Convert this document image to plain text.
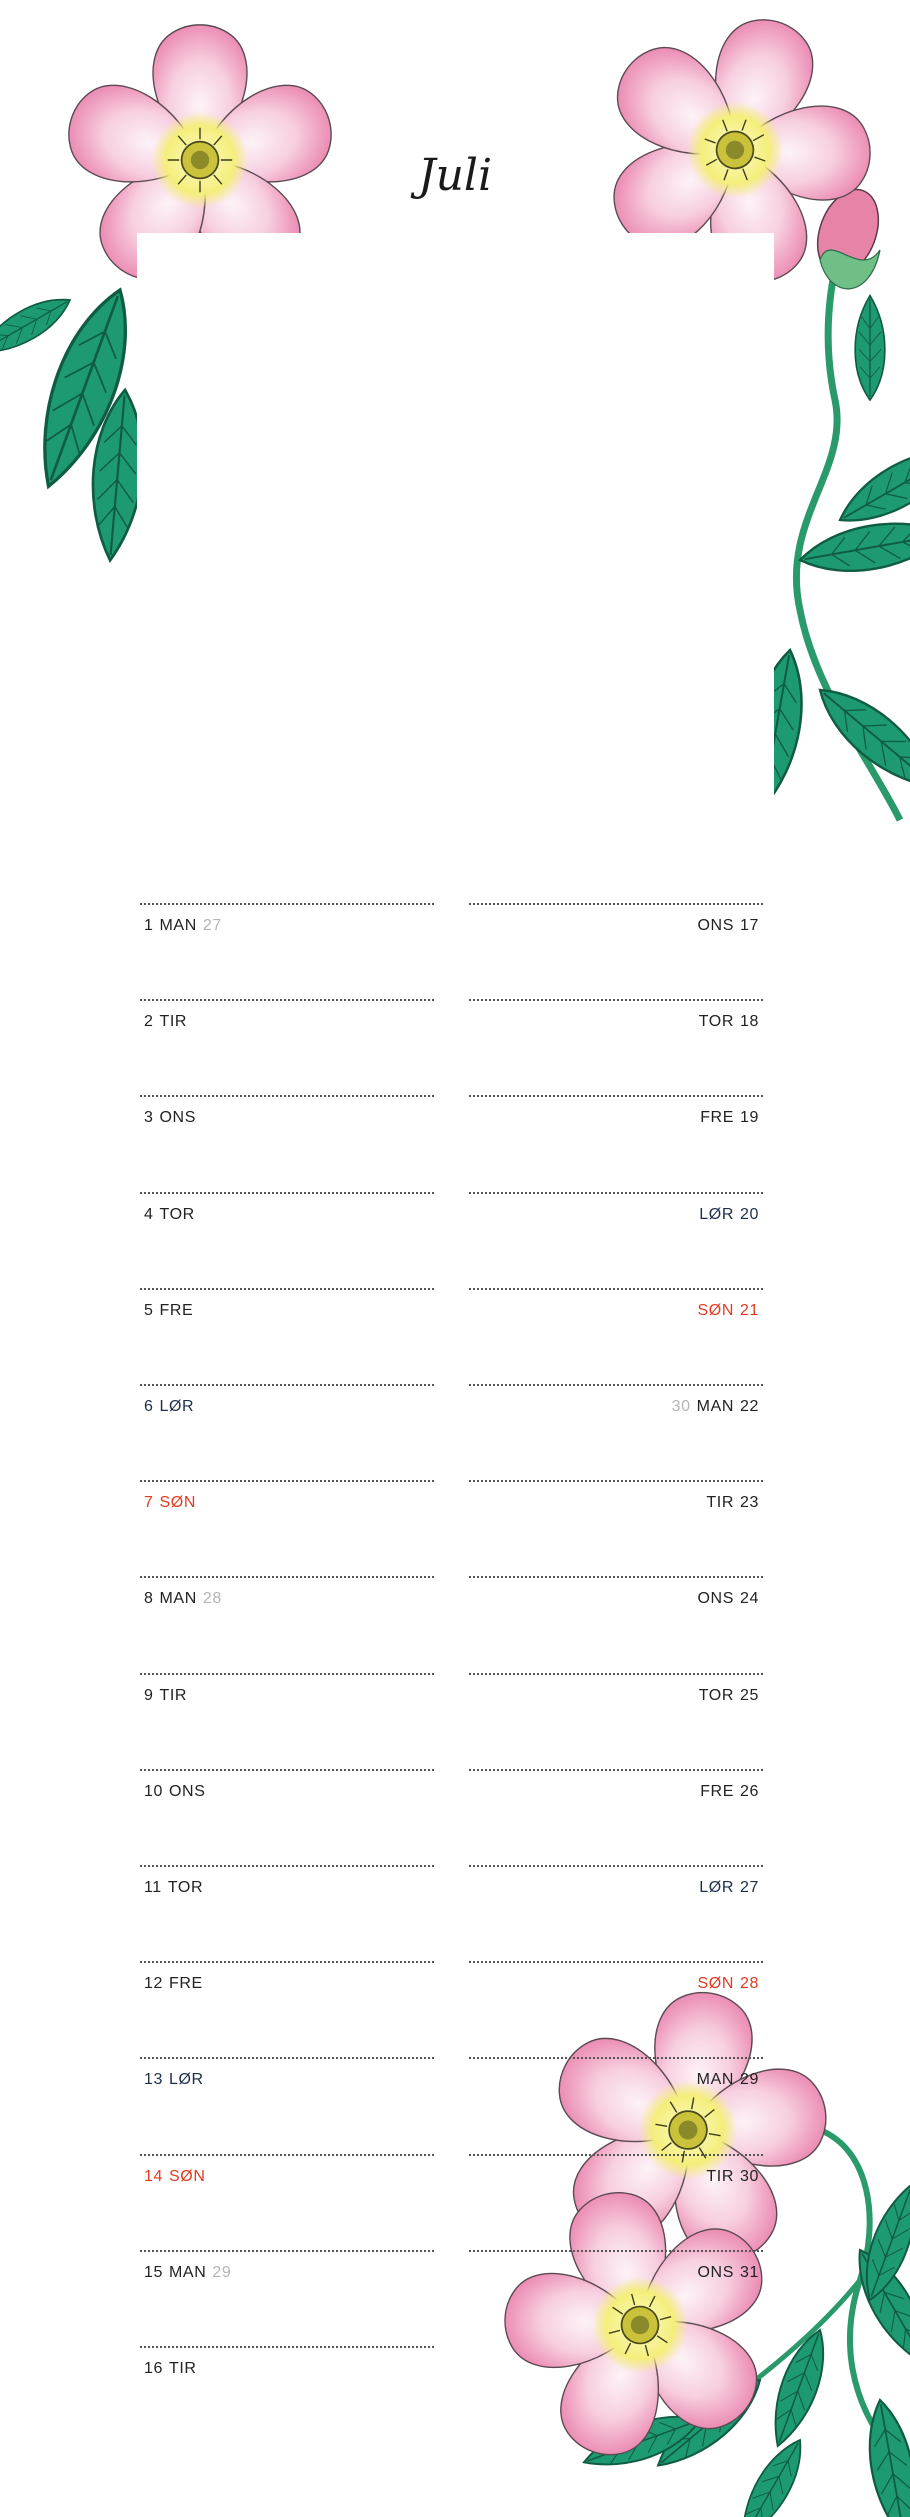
Juli
1 MAN 27
2 TIR
3 ONS
4 TOR
5 FRE
6 LØR
7 SØN
8 MAN 28
9 TIR
10 ONS
11 TOR
12 FRE
13 LØR
14 SØN
15 MAN 29
16 TIR
ONS 17
TOR 18
FRE 19
LØR 20
SØN 21
30 MAN 22
TIR 23
ONS 24
TOR 25
FRE 26
LØR 27
SØN 28
MAN 29
TIR 30
ONS 31
